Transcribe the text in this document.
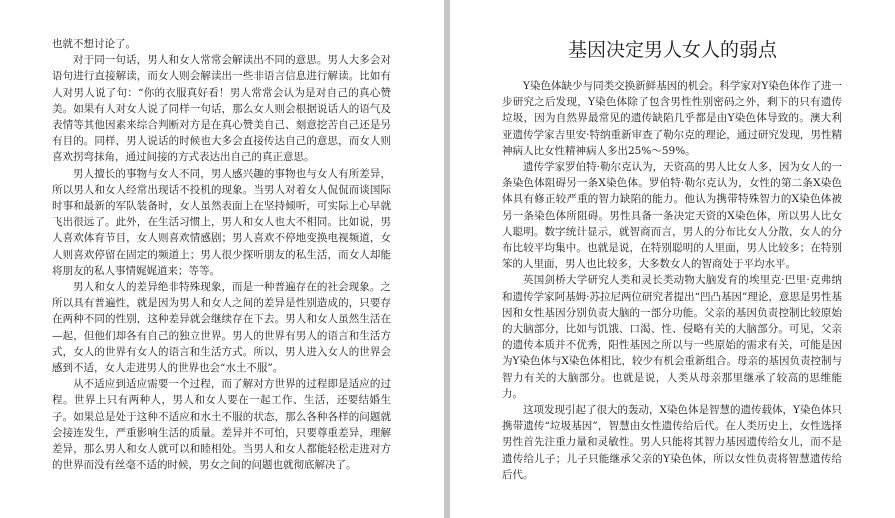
也就不想讨论了。

对于同一句话，男人和女人常常会解读出不同的意思。男人大多会对语句进行直接解读，而女人则会解读出一些非语言信息进行解读。比如有人对男人说了句：“你的衣服真好看！男人常常会认为是对自己的真心赞美。如果有人对女人说了同样一句话，那么女人则会根据说话人的语气及表情等其他因素来综合判断对方是在真心赞美自己、刻意挖苦自己还是另有目的。同样，男人说话的时候也大多会直接传达自己的意思，而女人则喜欢拐弯抹角，通过间接的方式表达出自己的真正意思。

男人擅长的事物与女人不同，男人感兴趣的事物也与女人有所差异，所以男人和女人经常出现话不投机的现象。当男人对着女人侃侃而谈国际时事和最新的军队装备时，女人虽然表面上在坚持倾听，可实际上心早就飞出很远了。此外，在生活习惯上，男人和女人也大不相同。比如说，男人喜欢体育节目，女人则喜欢情感剧；男人喜欢不停地变换电视频道，女人则喜欢停留在固定的频道上；男人很少探听朋友的私生活，而女人却能将朋友的私人事情娓娓道来；等等。

男人和女人的差异绝非特殊现象，而是一种普遍存在的社会现象。之所以具有普遍性，就是因为男人和女人之间的差异是性别造成的，只要存在两种不同的性别，这种差异就会继续存在下去。男人和女人虽然生活在—起，但他们却各有自己的独立世界。男人的世界有男人的语言和生活方式，女人的世界有女人的语言和生活方式。所以，男人进入女人的世界会感到不适，女人走进男人的世界也会“水土不服”。

从不适应到适应需要一个过程，而了解对方世界的过程即是适应的过程。世界上只有两种人，男人和女人要在一起工作、生活，还要结婚生子。如果总是处于这种不适应和水土不服的状态，那么各种各样的问题就会接连发生，严重影响生活的质量。差异并不可怕，只要尊重差异，理解差异，那么男人和女人就可以和睦相处。当男人和女人都能轻松走进对方的世界而没有丝毫不适的时候，男女之间的问题也就彻底解决了。

基因决定男人女人的弱点

Y染色体缺少与同类交换新鲜基因的机会。科学家对Y染色体作了进一步研究之后发现，Y染色体除了包含男性性别密码之外，剩下的只有遗传垃圾，因为自然界最常见的遗传缺陷几乎都是由Y染色体导致的。澳大利亚遗传学家吉里安·特纳重新审查了勒尔克的理论，通过研究发现，男性精神病人比女性精神病人多出25%～59%。

遗传学家罗伯特·勒尔克认为，天资高的男人比女人多，因为女人的一条染色体阻碍另一条X染色体。罗伯特·勒尔克认为，女性的第二条X染色体具有修正较严重的智力缺陷的能力。他认为携带特殊智力的X染色体被另一条染色体所阻碍。男性具备一条决定天资的X染色体，所以男人比女人聪明。数字统计显示，就智商而言，男人的分布比女人分散，女人的分布比较平均集中。也就是说，在特别聪明的人里面，男人比较多；在特别笨的人里面，男人也比较多，大多数女人的智商处于平均水平。

英国剑桥大学研究人类和灵长类动物大脑发育的埃里克·巴里·克弗纳和遗传学家阿基姆·苏拉尼两位研究者提出“凹凸基因”理论，意思是男性基因和女性基因分别负责大脑的一部分功能。父亲的基因负责控制比较原始的大脑部分，比如与饥饿、口渴、性、侵略有关的大脑部分。可见，父亲的遗传本质并不优秀，阳性基因之所以与一些原始的需求有关，可能是因为Y染色体与X染色体相比，较少有机会重新组合。母亲的基因负责控制与智力有关的大脑部分。也就是说，人类从母亲那里继承了较高的思维能力。

这项发现引起了很大的轰动，X染色体是智慧的遗传载体，Y染色体只携带遗传“垃圾基因”，智慧由女性遗传给后代。在人类历史上，女性选择男性首先注重力量和灵敏性。男人只能将其智力基因遗传给女儿，而不是遗传给儿子；儿子只能继承父亲的Y染色体，所以女性负责将智慧遗传给后代。
